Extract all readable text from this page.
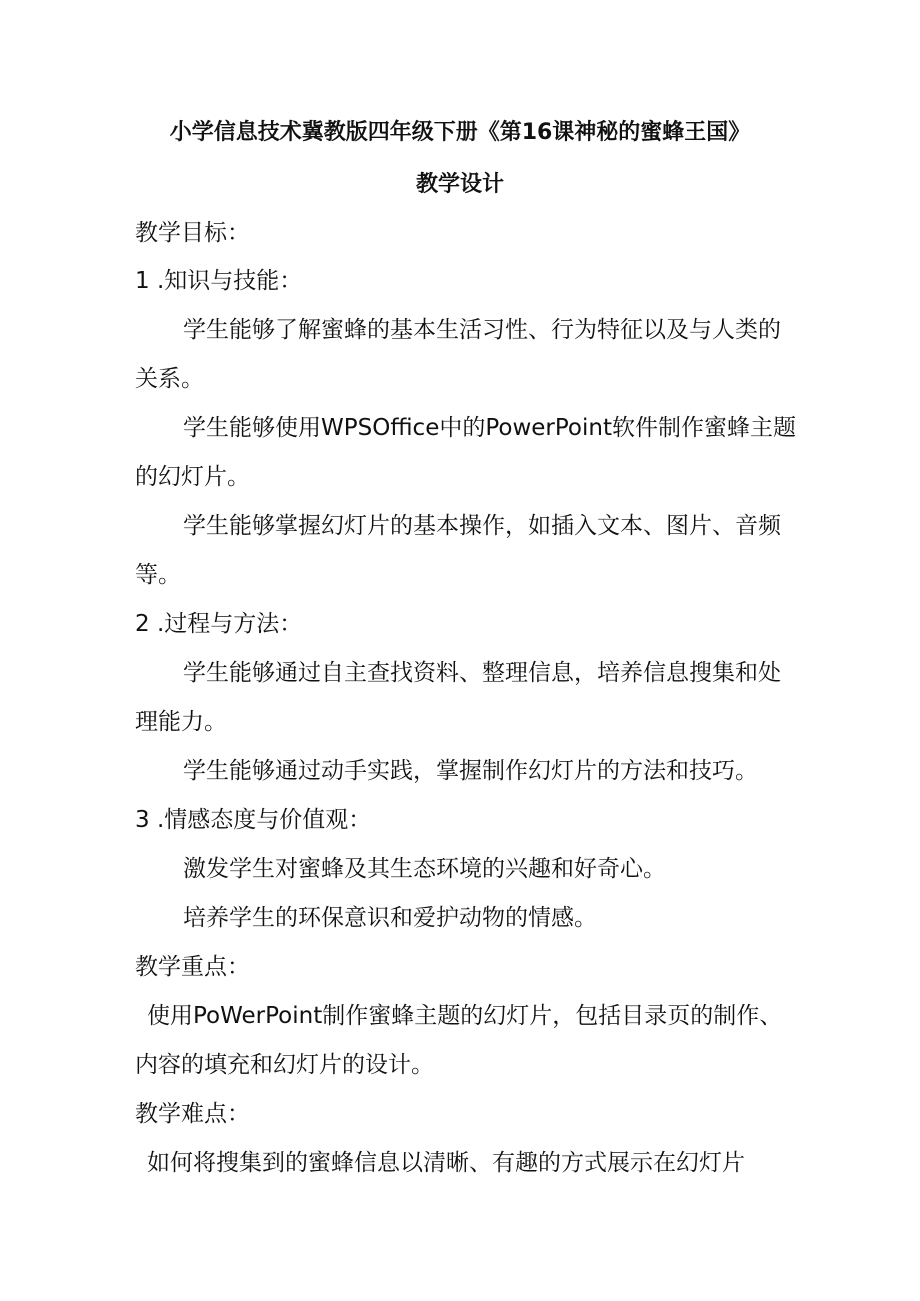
小学信息技术冀教版四年级下册《第16课神秘的蜜蜂王国》
教学设计
教学目标：
1 .知识与技能：
学生能够了解蜜蜂的基本生活习性、行为特征以及与人类的
关系。
学生能够使用WPSOffice中的PowerPoint软件制作蜜蜂主题
的幻灯片。
学生能够掌握幻灯片的基本操作，如插入文本、图片、音频
等。
2 .过程与方法：
学生能够通过自主查找资料、整理信息，培养信息搜集和处
理能力。
学生能够通过动手实践，掌握制作幻灯片的方法和技巧。
3 .情感态度与价值观：
激发学生对蜜蜂及其生态环境的兴趣和好奇心。
培养学生的环保意识和爱护动物的情感。
教学重点：
使用PoWerPoint制作蜜蜂主题的幻灯片，包括目录页的制作、
内容的填充和幻灯片的设计。
教学难点：
如何将搜集到的蜜蜂信息以清晰、有趣的方式展示在幻灯片
